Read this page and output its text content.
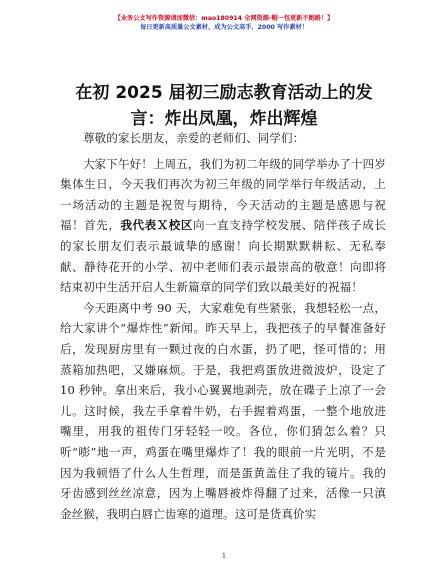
【业务公文写作资源请加微信：mao180914 全网资源-帽一包更新不跑路！】
每日更新高质量公文素材，成为公文高手，2000 写作素材！
在初 2025 届初三励志教育活动上的发言：炸出凤凰，炸出辉煌

尊敬的家长朋友，亲爱的老师们、同学们：

大家下午好！上周五，我们为初二年级的同学举办了十四岁集体生日，今天我们再次为初三年级的同学举行年级活动，上一场活动的主题是祝贺与期待，今天活动的主题是感恩与祝福！首先，我代表Ｘ校区向一直支持学校发展、陪伴孩子成长的家长朋友们表示最诚挚的感谢！向长期默默耕耘、无私奉献、静待花开的小学、初中老师们表示最崇高的敬意！向即将结束初中生活开启人生新篇章的同学们致以最美好的祝福！

今天距离中考 90 天，大家难免有些紧张，我想轻松一点，给大家讲个“爆炸性”新闻。昨天早上，我把孩子的早餐准备好后，发现厨房里有一颗过夜的白水蛋，扔了吧，怪可惜的；用蒸箱加热吧，又嫌麻烦。于是，我把鸡蛋放进微波炉，设定了 10 秒钟。拿出来后，我小心翼翼地剥壳，放在碟子上凉了一会儿。这时候，我左手拿着牛奶，右手握着鸡蛋，一整个地放进嘴里，用我的祖传门牙轻轻一咬。各位，你们猜怎么着？只听“嘭”地一声，鸡蛋在嘴里爆炸了！我的眼前一片光明，不是因为我顿悟了什么人生哲理，而是蛋黄盖住了我的镜片。我的牙齿感到丝丝凉意，因为上嘴唇被炸得翻了过来，活像一只滇金丝猴，我明白唇亡齿寒的道理。这可是货真价实

1
